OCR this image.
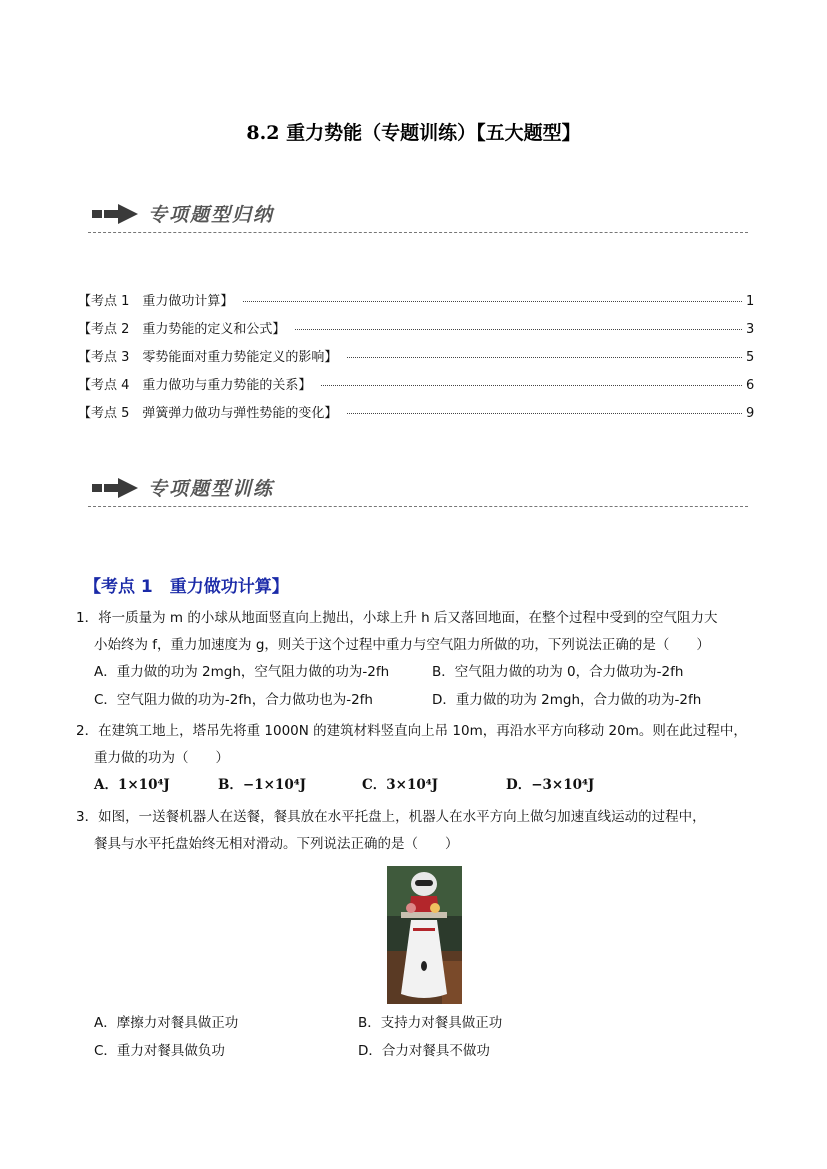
8.2 重力势能（专题训练）【五大题型】
专项题型归纳
【考点 1　重力做功计算】	1
【考点 2　重力势能的定义和公式】	3
【考点 3　零势能面对重力势能定义的影响】	5
【考点 4　重力做功与重力势能的关系】	6
【考点 5　弹簧弹力做功与弹性势能的变化】	9
专项题型训练
【考点 1　重力做功计算】
1．将一质量为 m 的小球从地面竖直向上抛出，小球上升 h 后又落回地面，在整个过程中受到的空气阻力大
小始终为 f，重力加速度为 g，则关于这个过程中重力与空气阻力所做的功，下列说法正确的是（　　）
A．重力做的功为 2mgh，空气阻力做的功为-2fh	B．空气阻力做的功为 0，合力做功为-2fh
C．空气阻力做的功为-2fh，合力做功也为-2fh	D．重力做的功为 2mgh，合力做的功为-2fh
2．在建筑工地上，塔吊先将重 1000N 的建筑材料竖直向上吊 10m，再沿水平方向移动 20m。则在此过程中，
重力做的功为（　　）
A．1×10⁴J	B．−1×10⁴J	C．3×10⁴J	D．−3×10⁴J
3．如图，一送餐机器人在送餐，餐具放在水平托盘上，机器人在水平方向上做匀加速直线运动的过程中，
餐具与水平托盘始终无相对滑动。下列说法正确的是（　　）
A．摩擦力对餐具做正功	B．支持力对餐具做正功
C．重力对餐具做负功	D．合力对餐具不做功
